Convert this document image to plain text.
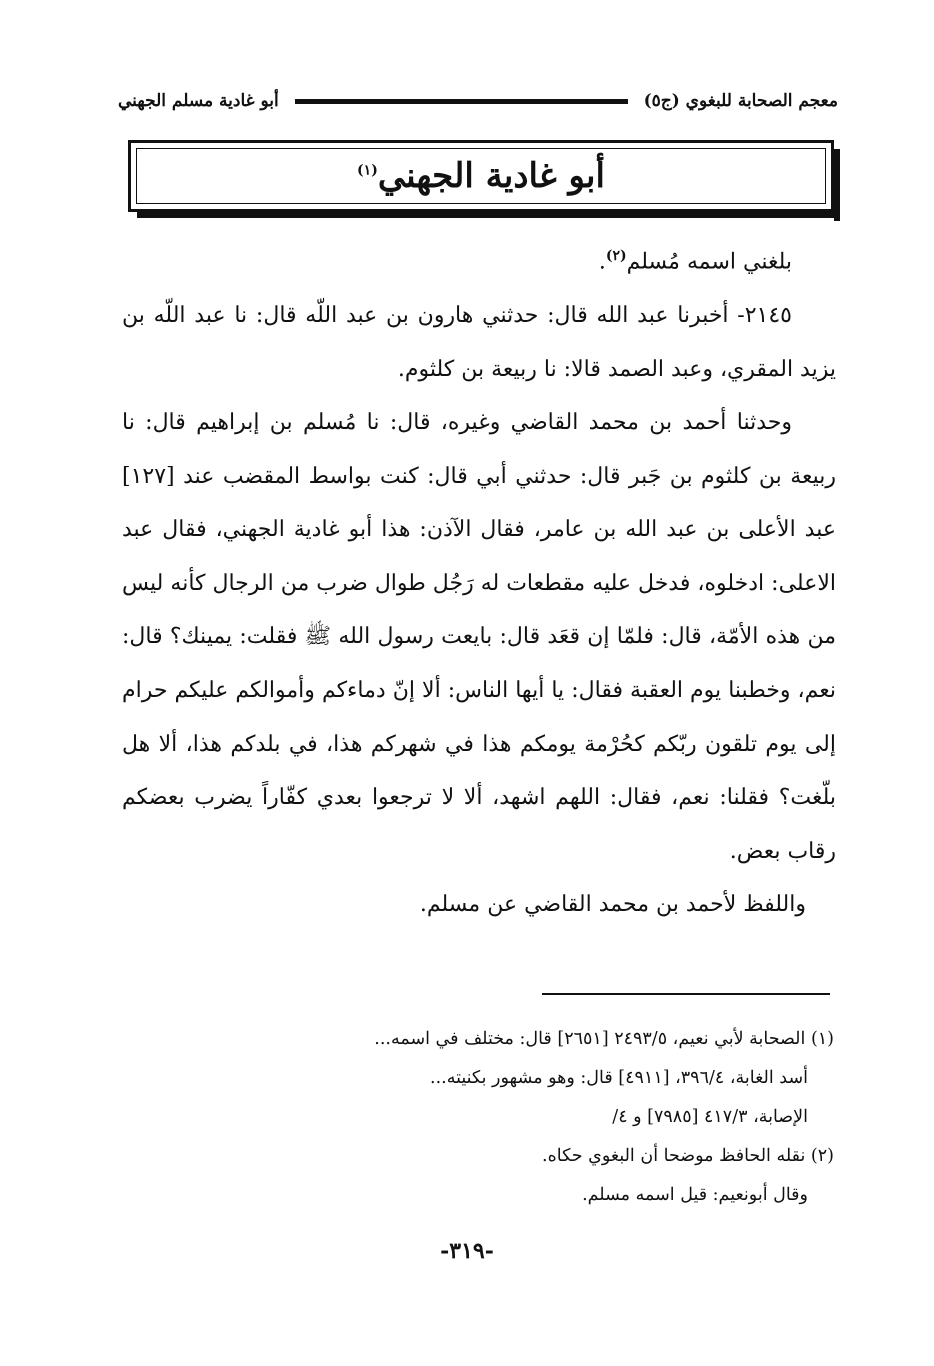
معجم الصحابة للبغوي (ج٥)
أبو غادية مسلم الجهني
أبو غادية الجهني$^{(١)}$

بلغني اسمه مُسلم$^{(٢)}$.

٢١٤٥- أخبرنا عبد الله قال: حدثني هارون بن عبد اللّه قال: نا عبد اللّه بن يزيد المقري، وعبد الصمد قالا: نا ربيعة بن كلثوم.

وحدثنا أحمد بن محمد القاضي وغيره، قال: نا مُسلم بن إبراهيم قال: نا ربيعة بن كلثوم بن جَبر قال: حدثني أبي قال: كنت بواسط المقضب عند [١٢٧] عبد الأعلى بن عبد الله بن عامر، فقال الآذن: هذا أبو غادية الجهني، فقال عبد الاعلى: ادخلوه، فدخل عليه مقطعات له رَجُل طوال ضرب من الرجال كأنه ليس من هذه الأمّة، قال: فلمّا إن قعَد قال: بايعت رسول الله ﷺ فقلت: يمينك؟ قال: نعم، وخطبنا يوم العقبة فقال: يا أيها الناس: ألا إنّ دماءكم وأموالكم عليكم حرام إلى يوم تلقون ربّكم كحُرْمة يومكم هذا في شهركم هذا، في بلدكم هذا، ألا هل بلّغت؟ فقلنا: نعم، فقال: اللهم اشهد، ألا لا ترجعوا بعدي كفّاراً يضرب بعضكم رقاب بعض.

واللفظ لأحمد بن محمد القاضي عن مسلم.

(١) الصحابة لأبي نعيم، ٢٤٩٣/٥ [٢٦٥١] قال: مختلف في اسمه...

أسد الغابة، ٣٩٦/٤، [٤٩١١] قال: وهو مشهور بكنيته...

الإصابة، ٤١٧/٣ [٧٩٨٥] و ٤/

(٢) نقله الحافظ موضحا أن البغوي حكاه.

وقال أبونعيم: قيل اسمه مسلم.

-٣١٩-
